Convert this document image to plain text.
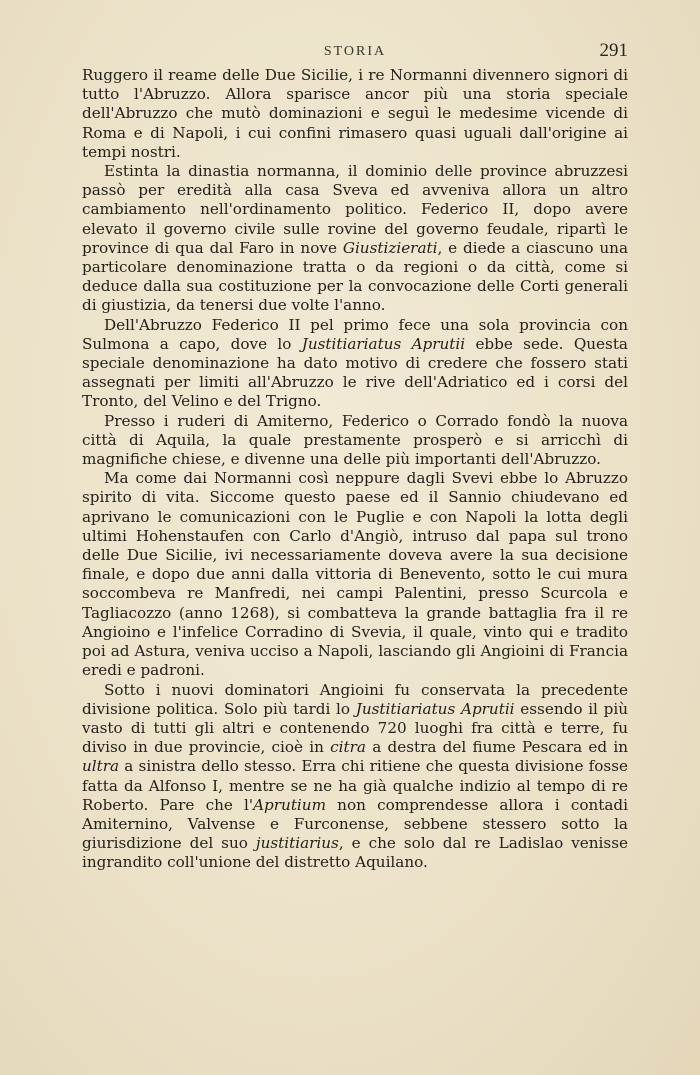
STORIA	291

Ruggero il reame delle Due Sicilie, i re Normanni divennero signori di tutto l'Abruzzo. Allora sparisce ancor più una storia speciale dell'Abruzzo che mutò dominazioni e seguì le medesime vicende di Roma e di Napoli, i cui confini rimasero quasi uguali dall'origine ai tempi nostri.

Estinta la dinastia normanna, il dominio delle province abruzzesi passò per eredità alla casa Sveva ed avveniva allora un altro cambiamento nell'ordinamento politico. Federico II, dopo avere elevato il governo civile sulle rovine del governo feudale, ripartì le province di qua dal Faro in nove Giustizierati, e diede a ciascuno una particolare denominazione tratta o da regioni o da città, come si deduce dalla sua costituzione per la convocazione delle Corti generali di giustizia, da tenersi due volte l'anno.

Dell'Abruzzo Federico II pel primo fece una sola provincia con Sulmona a capo, dove lo Justitiariatus Aprutii ebbe sede. Questa speciale denominazione ha dato motivo di credere che fossero stati assegnati per limiti all'Abruzzo le rive dell'Adriatico ed i corsi del Tronto, del Velino e del Trigno.

Presso i ruderi di Amiterno, Federico o Corrado fondò la nuova città di Aquila, la quale prestamente prosperò e si arricchì di magnifiche chiese, e divenne una delle più importanti dell'Abruzzo.

Ma come dai Normanni così neppure dagli Svevi ebbe lo Abruzzo spirito di vita. Siccome questo paese ed il Sannio chiudevano ed aprivano le comunicazioni con le Puglie e con Napoli la lotta degli ultimi Hohenstaufen con Carlo d'Angiò, intruso dal papa sul trono delle Due Sicilie, ivi necessariamente doveva avere la sua decisione finale, e dopo due anni dalla vittoria di Benevento, sotto le cui mura soccombeva re Manfredi, nei campi Palentini, presso Scurcola e Tagliacozzo (anno 1268), si combatteva la grande battaglia fra il re Angioino e l'infelice Corradino di Svevia, il quale, vinto qui e tradito poi ad Astura, veniva ucciso a Napoli, lasciando gli Angioini di Francia eredi e padroni.

Sotto i nuovi dominatori Angioini fu conservata la precedente divisione politica. Solo più tardi lo Justitiariatus Aprutii essendo il più vasto di tutti gli altri e contenendo 720 luoghi fra città e terre, fu diviso in due provincie, cioè in citra a destra del fiume Pescara ed in ultra a sinistra dello stesso. Erra chi ritiene che questa divisione fosse fatta da Alfonso I, mentre se ne ha già qualche indizio al tempo di re Roberto. Pare che l'Aprutium non comprendesse allora i contadi Amiternino, Valvense e Furconense, sebbene stessero sotto la giurisdizione del suo justitiarius, e che solo dal re Ladislao venisse ingrandito coll'unione del distretto Aquilano.
